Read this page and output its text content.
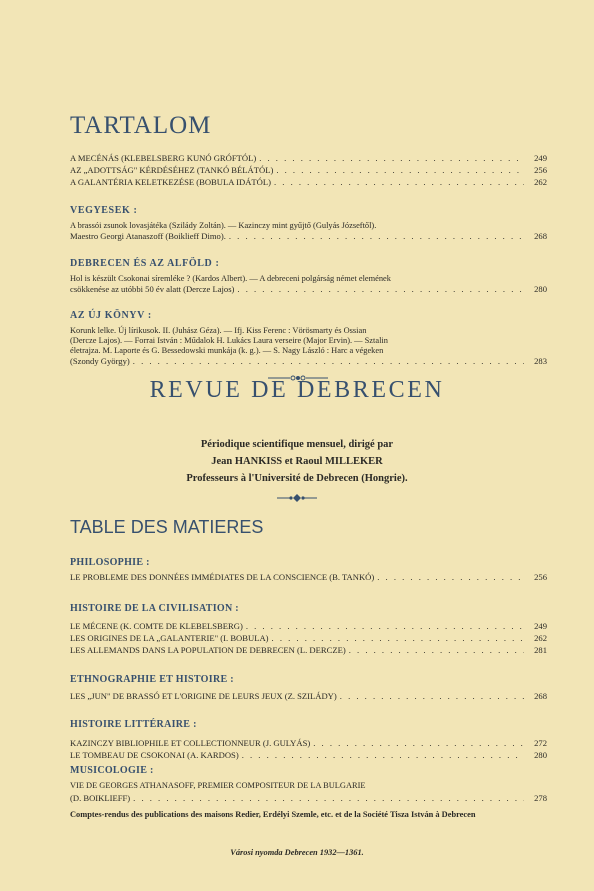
TARTALOM
A MECÉNÁS (KLEBELSBERG KUNÓ GRÓFTÓL) . . .	249
AZ „ADOTTSÁG" KÉRDÉSÉHEZ (TANKÓ BÉLÁTÓL) . . .	256
A GALANTÉRIA KELETKEZÉSE (BOBULA IDÁTÓL) . . .	262
VEGYESEK :
A brassói zsunok lovasjátéka (Szilády Zoltán). — Kazinczy mint gyűjtő (Gulyás Józseftől).
Maestro Georgi Atanaszoff (Boiklieff Dimo). . . .	268
DEBRECEN ÉS AZ ALFÖLD :
Hol is készült Csokonai síremléke ? (Kardos Albert). — A debreceni polgárság német elemének
csökkenése az utóbbi 50 év alatt (Dercze Lajos) . . .	280
AZ ÚJ KÖNYV :
Korunk lelke. Új lírikusok. II. (Juhász Géza). — Ifj. Kiss Ferenc : Vörösmarty és Ossian
(Dercze Lajos). — Forrai István : Műdalok H. Lukács Laura verseire (Major Ervin). — Sztalin
életrajza. M. Laporte és G. Bessedowski munkája (k. g.). — S. Nagy László : Harc a végeken
(Szondy György) . . .	283
REVUE DE DEBRECEN
Périodique scientifique mensuel, dirigé par
Jean HANKISS et Raoul MILLEKER
Professeurs à l'Université de Debrecen (Hongrie).
TABLE DES MATIERES
PHILOSOPHIE :
LE PROBLEME DES DONNÉES IMMÉDIATES DE LA CONSCIENCE (B. TANKÓ) . . .	256
HISTOIRE DE LA CIVILISATION :
LE MÉCENE (K. COMTE DE KLEBELSBERG) . . .	249
LES ORIGINES DE LA „GALANTERIE" (I. BOBULA) . . .	262
LES ALLEMANDS DANS LA POPULATION DE DEBRECEN (L. DERCZE) . . .	281
ETHNOGRAPHIE ET HISTOIRE :
LES „JUN" DE BRASSÓ ET L'ORIGINE DE LEURS JEUX (Z. SZILÁDY) . . .	268
HISTOIRE LITTÉRAIRE :
KAZINCZY BIBLIOPHILE ET COLLECTIONNEUR (J. GULYÁS) . . .	272
LE TOMBEAU DE CSOKONAI (A. KARDOS) . . .	280
MUSICOLOGIE :
VIE DE GEORGES ATHANASOFF, PREMIER COMPOSITEUR DE LA BULGARIE
(D. BOIKLIEFF) . . .	278
Comptes-rendus des publications des maisons Redier, Erdélyi Szemle, etc. et de la Société Tisza István à Debrecen
Városi nyomda Debrecen 1932—1361.
